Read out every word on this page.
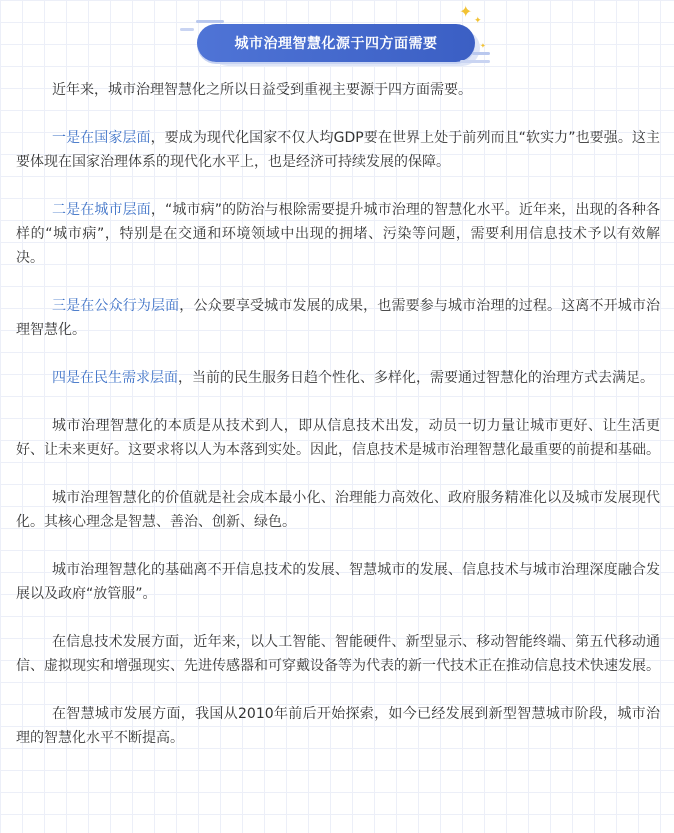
城市治理智慧化源于四方面需要
✦ ✦
✦

近年来，城市治理智慧化之所以日益受到重视主要源于四方面需要。

一是在国家层面，要成为现代化国家不仅人均GDP要在世界上处于前列而且“软实力”也要强。这主要体现在国家治理体系的现代化水平上，也是经济可持续发展的保障。

二是在城市层面，“城市病”的防治与根除需要提升城市治理的智慧化水平。近年来，出现的各种各样的“城市病”，特别是在交通和环境领域中出现的拥堵、污染等问题，需要利用信息技术予以有效解决。

三是在公众行为层面，公众要享受城市发展的成果，也需要参与城市治理的过程。这离不开城市治理智慧化。

四是在民生需求层面，当前的民生服务日趋个性化、多样化，需要通过智慧化的治理方式去满足。

城市治理智慧化的本质是从技术到人，即从信息技术出发，动员一切力量让城市更好、让生活更好、让未来更好。这要求将以人为本落到实处。因此，信息技术是城市治理智慧化最重要的前提和基础。

城市治理智慧化的价值就是社会成本最小化、治理能力高效化、政府服务精准化以及城市发展现代化。其核心理念是智慧、善治、创新、绿色。

城市治理智慧化的基础离不开信息技术的发展、智慧城市的发展、信息技术与城市治理深度融合发展以及政府“放管服”。

在信息技术发展方面，近年来，以人工智能、智能硬件、新型显示、移动智能终端、第五代移动通信、虚拟现实和增强现实、先进传感器和可穿戴设备等为代表的新一代技术正在推动信息技术快速发展。

在智慧城市发展方面，我国从2010年前后开始探索，如今已经发展到新型智慧城市阶段，城市治理的智慧化水平不断提高。
